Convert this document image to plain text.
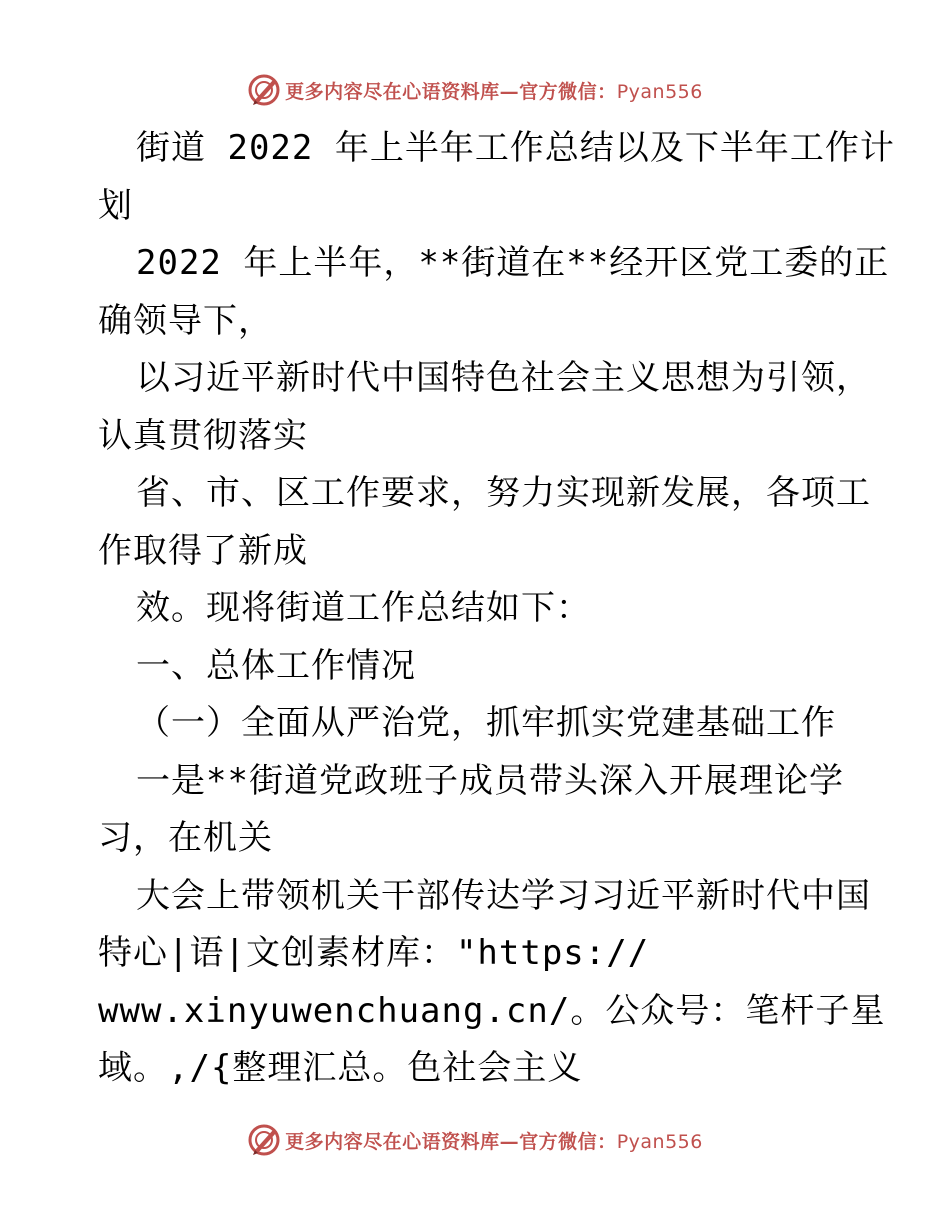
更多内容尽在心语资料库—官方微信：Pyan556
街道 2022 年上半年工作总结以及下半年工作计
划
2022 年上半年，**街道在**经开区党工委的正
确领导下，
以习近平新时代中国特色社会主义思想为引领，
认真贯彻落实
省、市、区工作要求，努力实现新发展，各项工
作取得了新成
效。现将街道工作总结如下：
一、总体工作情况
（一）全面从严治党，抓牢抓实党建基础工作
一是**街道党政班子成员带头深入开展理论学
习，在机关
大会上带领机关干部传达学习习近平新时代中国
特心|语|文创素材库："https://
www.xinyuwenchuang.cn/。公众号：笔杆子星
域。,/{整理汇总。色社会主义
更多内容尽在心语资料库—官方微信：Pyan556
